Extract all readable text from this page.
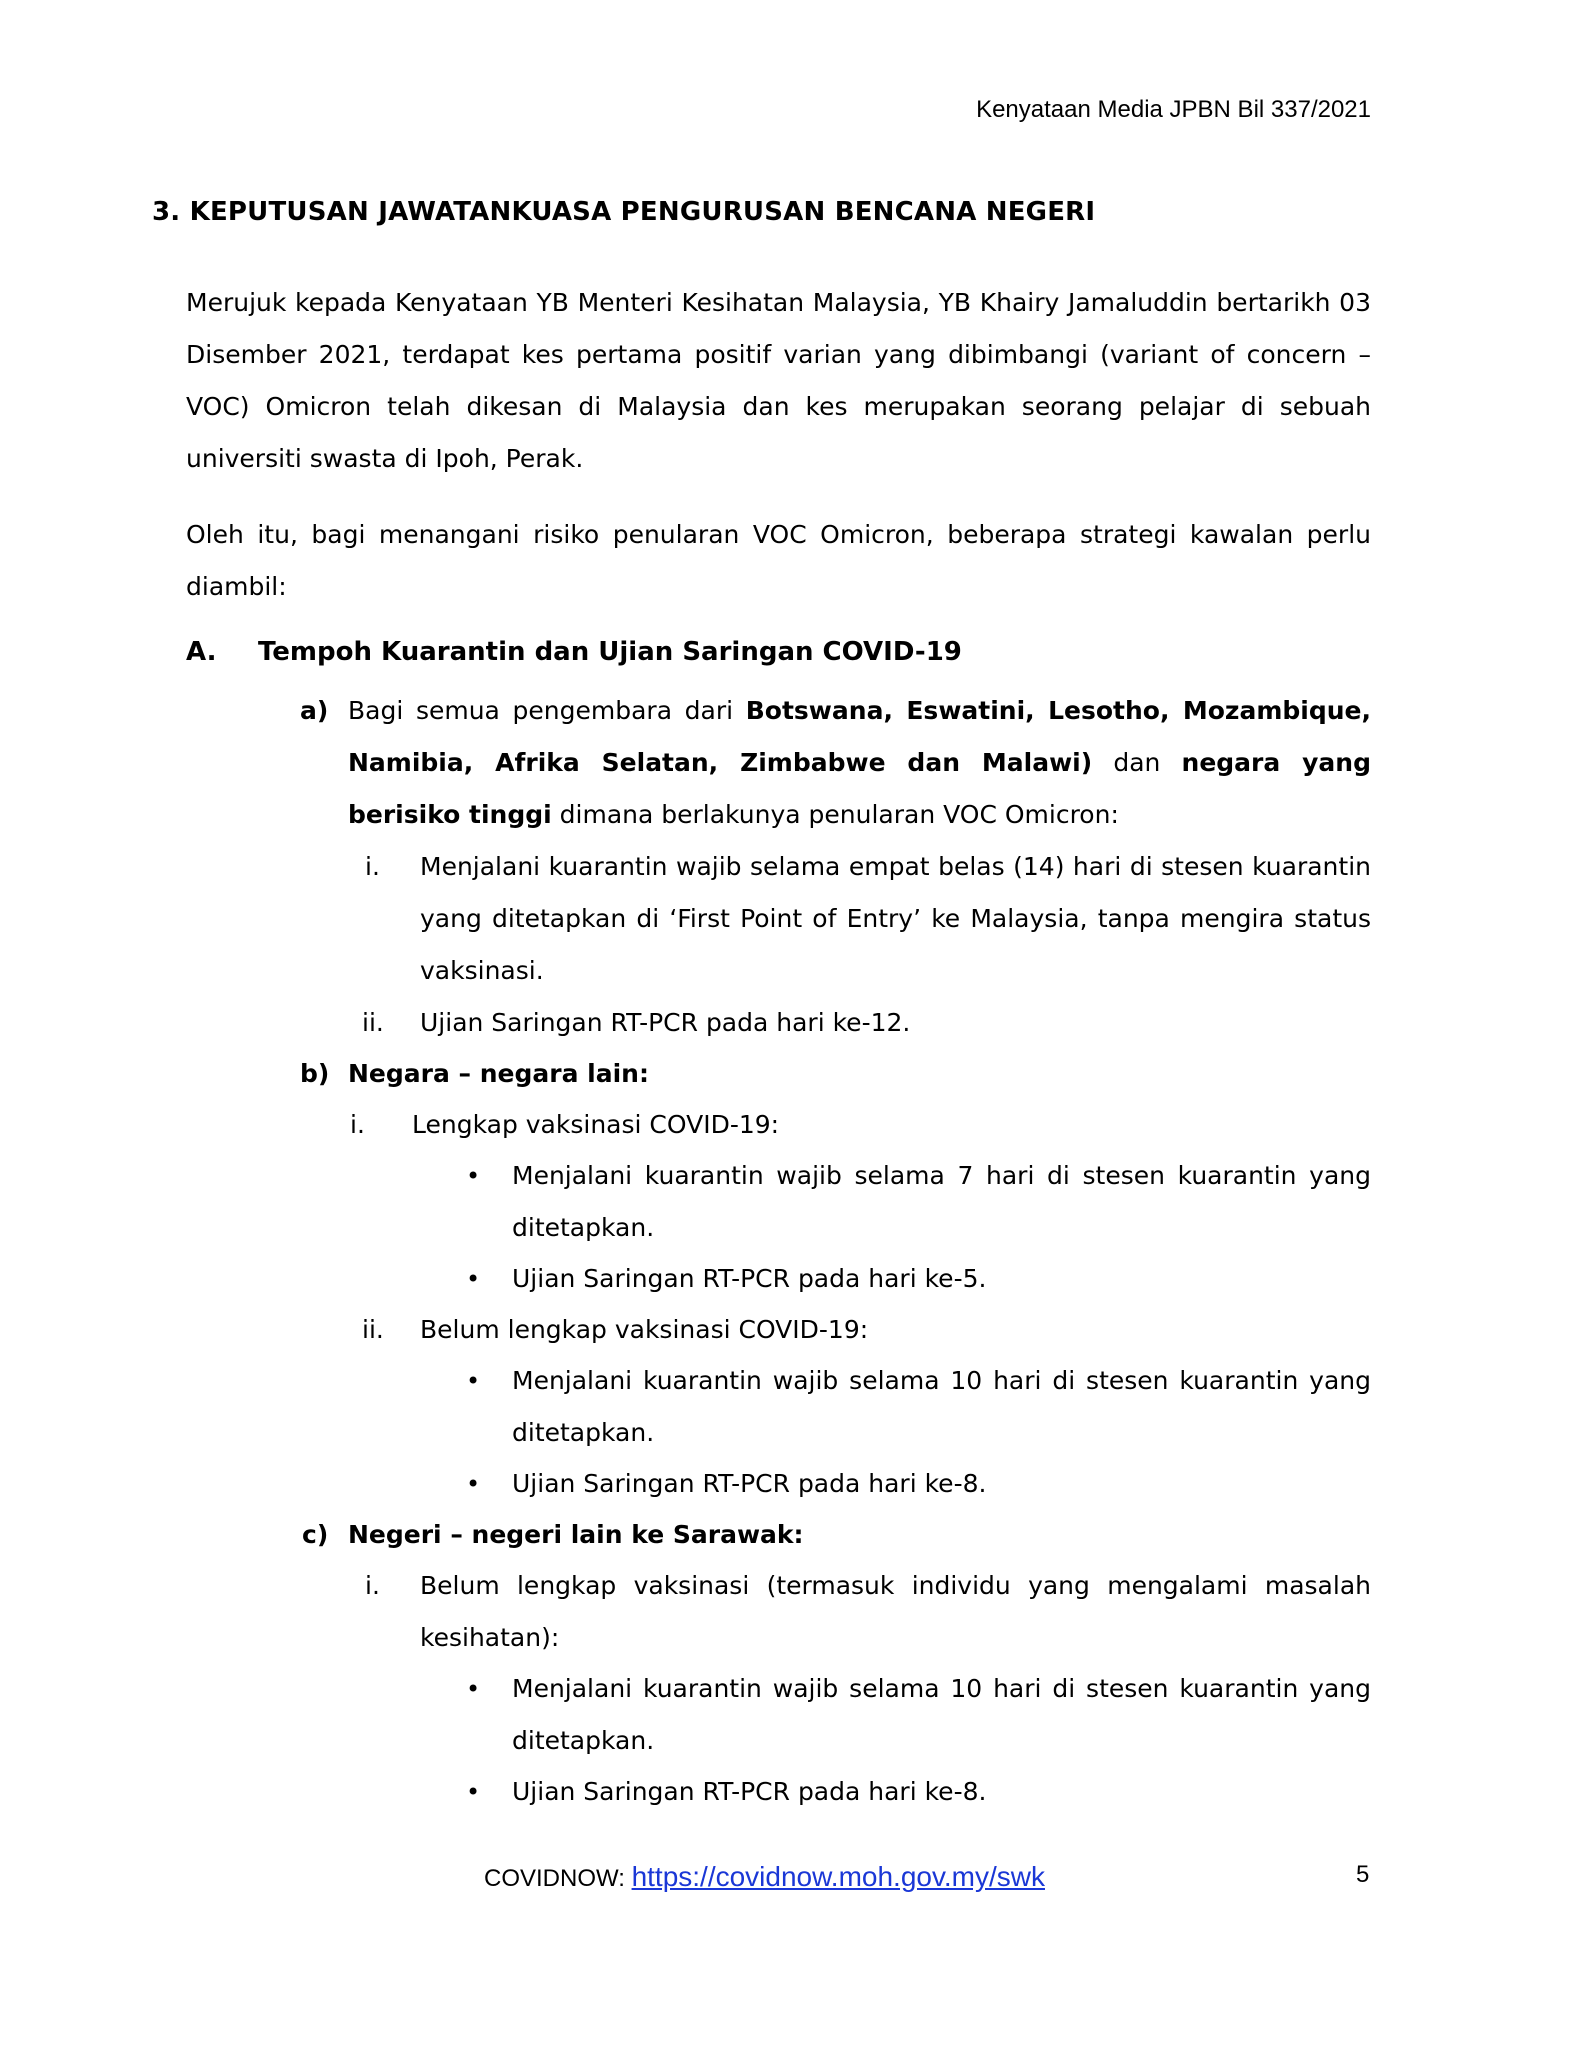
Kenyataan Media JPBN Bil 337/2021
3. KEPUTUSAN JAWATANKUASA PENGURUSAN BENCANA NEGERI
Merujuk kepada Kenyataan YB Menteri Kesihatan Malaysia, YB Khairy Jamaluddin bertarikh 03 Disember 2021, terdapat kes pertama positif varian yang dibimbangi (variant of concern – VOC) Omicron telah dikesan di Malaysia dan kes merupakan seorang pelajar di sebuah universiti swasta di Ipoh, Perak.
Oleh itu, bagi menangani risiko penularan VOC Omicron, beberapa strategi kawalan perlu diambil:
A. Tempoh Kuarantin dan Ujian Saringan COVID-19
a) Bagi semua pengembara dari Botswana, Eswatini, Lesotho, Mozambique, Namibia, Afrika Selatan, Zimbabwe dan Malawi) dan negara yang berisiko tinggi dimana berlakunya penularan VOC Omicron:
i. Menjalani kuarantin wajib selama empat belas (14) hari di stesen kuarantin yang ditetapkan di ‘First Point of Entry’ ke Malaysia, tanpa mengira status vaksinasi.
ii. Ujian Saringan RT-PCR pada hari ke-12.
b) Negara – negara lain:
i. Lengkap vaksinasi COVID-19:
• Menjalani kuarantin wajib selama 7 hari di stesen kuarantin yang ditetapkan.
• Ujian Saringan RT-PCR pada hari ke-5.
ii. Belum lengkap vaksinasi COVID-19:
• Menjalani kuarantin wajib selama 10 hari di stesen kuarantin yang ditetapkan.
• Ujian Saringan RT-PCR pada hari ke-8.
c) Negeri – negeri lain ke Sarawak:
i. Belum lengkap vaksinasi (termasuk individu yang mengalami masalah kesihatan):
• Menjalani kuarantin wajib selama 10 hari di stesen kuarantin yang ditetapkan.
• Ujian Saringan RT-PCR pada hari ke-8.
COVIDNOW: https://covidnow.moh.gov.my/swk	5
